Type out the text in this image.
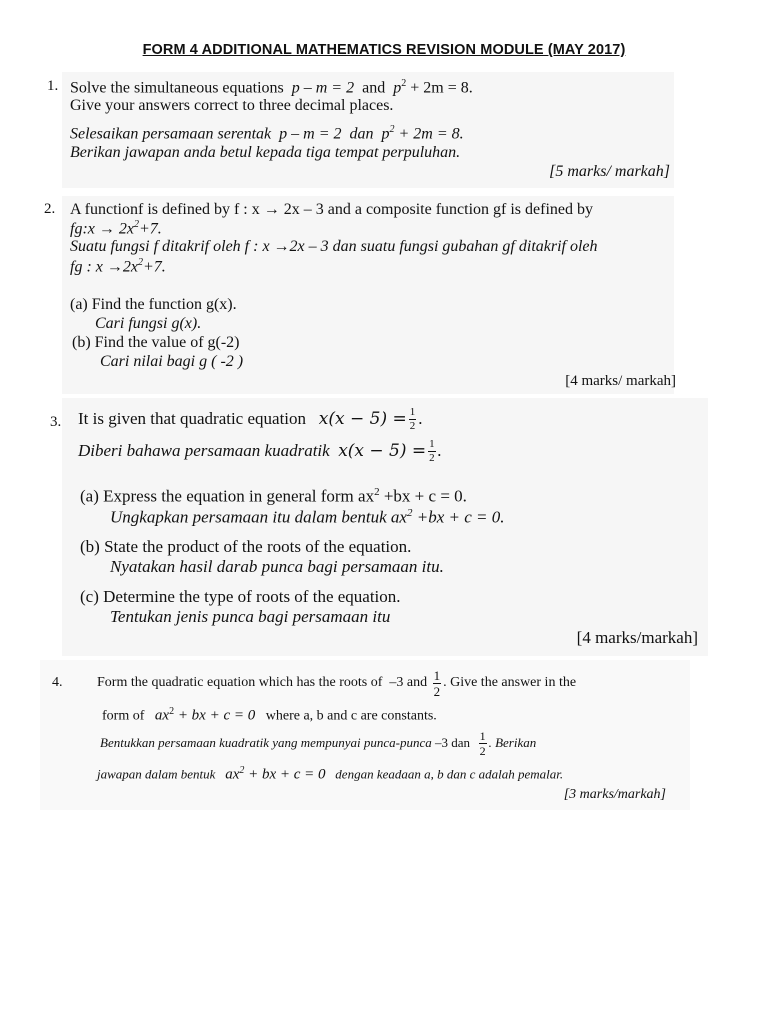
FORM 4 ADDITIONAL MATHEMATICS REVISION MODULE (MAY 2017)
1. Solve the simultaneous equations p – m = 2 and $p^2 + 2m = 8$.
Give your answers correct to three decimal places.
Selesaikan persamaan serentak p – m = 2 dan $p^2 + 2m = 8$.
Berikan jawapan anda betul kepada tiga tempat perpuluhan.
[5 marks/ markah]
2. A functionf is defined by f : x → 2x – 3 and a composite function gf is defined by
fg:x → $2x^2+7$.
Suatu fungsi f ditakrif oleh f : x →2x – 3 dan suatu fungsi gubahan gf ditakrif oleh
fg : $x \to 2x^2+7$.
(a) Find the function g(x).
Cari fungsi g(x).
(b) Find the value of g(-2)
Cari nilai bagi g ( -2 )
[4 marks/ markah]
3. It is given that quadratic equation
$x(x - 5) = \frac{1}{2}$ .
Diberi bahawa persamaan kuadratik
$x(x - 5) = \frac{1}{2}$ .
(a) Express the equation in general form $ax^2 +bx + c = 0$.
Ungkapkan persamaan itu dalam bentuk $ax^2 +bx + c = 0$.
(b) State the product of the roots of the equation.
Nyatakan hasil darab punca bagi persamaan itu.
(c) Determine the type of roots of the equation.
Tentukan jenis punca bagi persamaan itu
[4 marks/markah]
4. Form the quadratic equation which has the roots of
–3
and
$\frac{1}{2}$ . Give the answer in the
form of $ax^2$ + bx + c = 0 where a, b and c are constants.
Bentukkan persamaan kuadratik yang mempunyai punca-punca
–3
dan
$\frac{1}{2}$ . Berikan
jawapan dalam bentuk $ax^2$ + bx + c = 0 dengan keadaan a, b dan c adalah pemalar.
[3 marks/markah]
